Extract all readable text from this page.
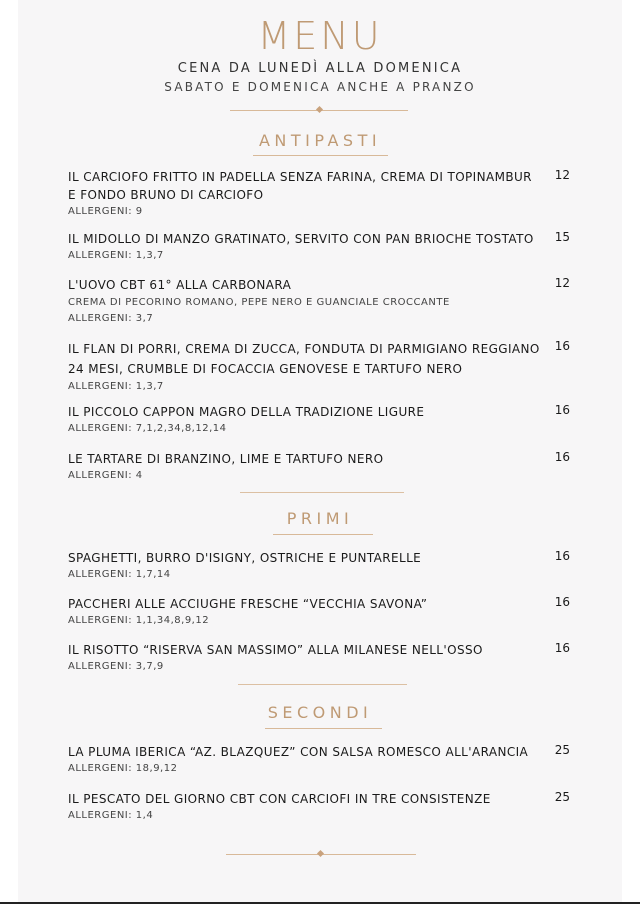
MENU
CENA DA LUNEDÌ ALLA DOMENICA
SABATO E DOMENICA ANCHE A PRANZO
ANTIPASTI
IL CARCIOFO FRITTO IN PADELLA SENZA FARINA, CREMA DI TOPINAMBUR E FONDO BRUNO DI CARCIOFO
ALLERGENI: 9
12
IL MIDOLLO DI MANZO GRATINATO, SERVITO CON PAN BRIOCHE TOSTATO
ALLERGENI: 1,3,7
15
L'UOVO CBT 61° ALLA CARBONARA
CREMA DI PECORINO ROMANO, PEPE NERO E GUANCIALE CROCCANTE
ALLERGENI: 3,7
12
IL FLAN DI PORRI, CREMA DI ZUCCA, FONDUTA DI PARMIGIANO REGGIANO 24 MESI, CRUMBLE DI FOCACCIA GENOVESE E TARTUFO NERO
ALLERGENI: 1,3,7
16
IL PICCOLO CAPPON MAGRO DELLA TRADIZIONE LIGURE
ALLERGENI: 7,1,2,34,8,12,14
16
LE TARTARE DI BRANZINO, LIME E TARTUFO NERO
ALLERGENI: 4
16
PRIMI
SPAGHETTI, BURRO D'ISIGNY, OSTRICHE E PUNTARELLE
ALLERGENI: 1,7,14
16
PACCHERI ALLE ACCIUGHE FRESCHE “VECCHIA SAVONA”
ALLERGENI: 1,1,34,8,9,12
16
IL RISOTTO “RISERVA SAN MASSIMO” ALLA MILANESE NELL'OSSO
ALLERGENI: 3,7,9
16
SECONDI
LA PLUMA IBERICA “AZ. BLAZQUEZ” CON SALSA ROMESCO ALL'ARANCIA
ALLERGENI: 18,9,12
25
IL PESCATO DEL GIORNO CBT CON CARCIOFI IN TRE CONSISTENZE
ALLERGENI: 1,4
25
